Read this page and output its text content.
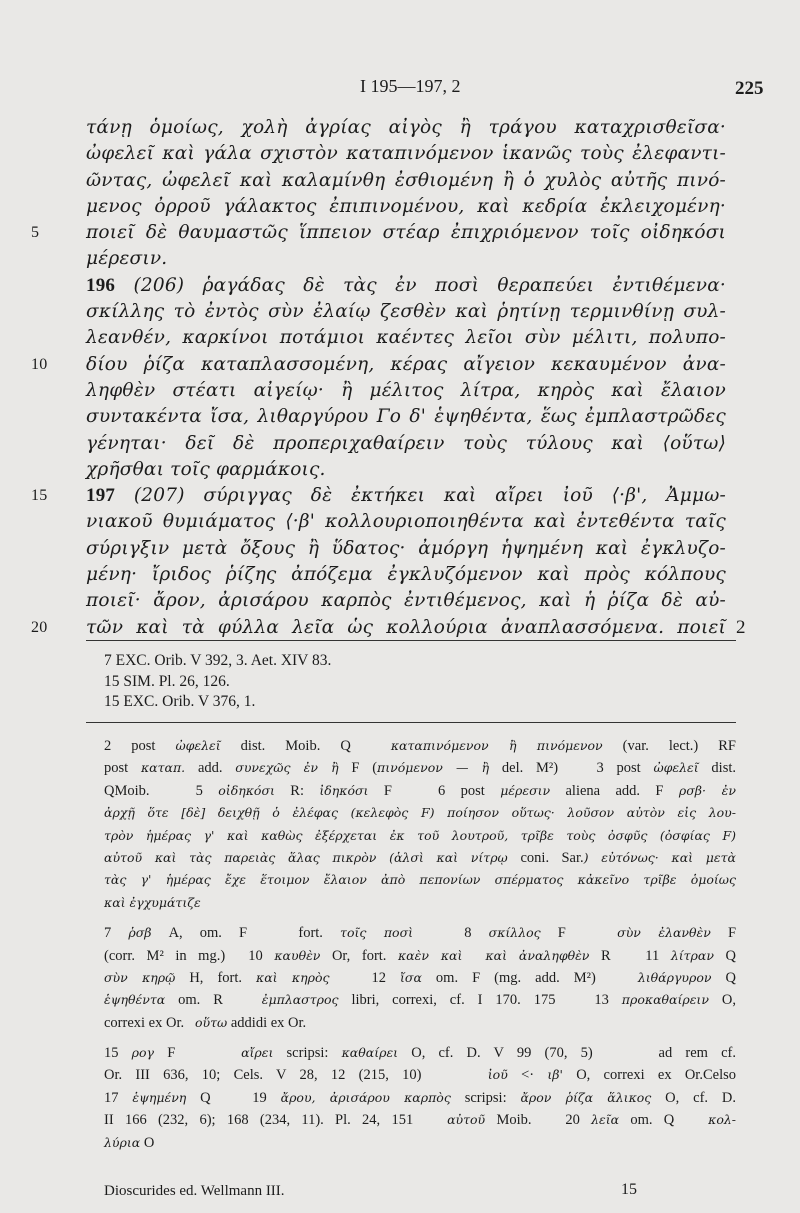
I 195—197, 2	225
τάνῃ ὁμοίως, χολὴ ἀγρίας αἰγὸς ἢ τράγου καταχρισθεῖσα·
ὠφελεῖ καὶ γάλα σχιστὸν καταπινόμενον ἱκανῶς τοὺς ἐλεφαντι-
ῶντας, ὠφελεῖ καὶ καλαμίνθη ἐσθιομένη ἢ ὁ χυλὸς αὐτῆς πινό-
μενος ὀρροῦ γάλακτος ἐπιπινομένου, καὶ κεδρία ἐκλειχομένη·
5	ποιεῖ δὲ θαυμαστῶς ἵππειον στέαρ ἐπιχριόμενον τοῖς οἰδηκόσι
μέρεσιν.
196 (206) ῥαγάδας δὲ τὰς ἐν ποσὶ θεραπεύει ἐντιθέμενα·
σκίλλης τὸ ἐντὸς σὺν ἐλαίῳ ζεσθὲν καὶ ῥητίνῃ τερμινθίνῃ συλ-
λεανθέν, καρκίνοι ποτάμιοι καέντες λεῖοι σὺν μέλιτι, πολυπο-
10 δίου ῥίζα καταπλασσομένη, κέρας αἴγειον κεκαυμένον ἀνα-
ληφθὲν στέατι αἰγείῳ· ἢ μέλιτος λίτρα, κηρὸς καὶ ἔλαιον
συντακέντα ἴσα, λιθαργύρου Γο δ' ἑψηθέντα, ἕως ἐμπλαστρῶδες
γένηται· δεῖ δὲ προπεριχαθαίρειν τοὺς τύλους καὶ ⟨οὕτω⟩
χρῆσθαι τοῖς φαρμάκοις.
15 197 (207) σύριγγας δὲ ἐκτήκει καὶ αἴρει ἰοῦ ⟨·β', Ἀμμω-
νιακοῦ θυμιάματος ⟨·β' κολλουριοποιηθέντα καὶ ἐντεθέντα ταῖς
σύριγξιν μετὰ ὄξους ἢ ὕδατος· ἀμόργη ἡψημένη καὶ ἐγκλυζο-
μένη· ἴριδος ῥίζης ἀπόζεμα ἐγκλυζόμενον καὶ πρὸς κόλπους
ποιεῖ· ἄρον, ἀρισάρου καρπὸς ἐντιθέμενος, καὶ ἡ ῥίζα δὲ αὐ-
20 τῶν καὶ τὰ φύλλα λεῖα ὡς κολλούρια ἀναπλασσόμενα. ποιεῖ 2
7 EXC. Orib. V 392, 3. Aet. XIV 83.
15 SIM. Pl. 26, 126.
15 EXC. Orib. V 376, 1.
2 post ὠφελεῖ dist. Moib. Q  καταπινόμενον ἢ πινόμενον (var. lect.) RF
post καταπ. add. συνεχῶς ἐν ἢ F (πινόμενον — ἢ del. M²)   3 post ὠφελεῖ dist.
QMoib.   5 οἰδηκόσι R: ἰδηκόσι F   6 post μέρεσιν aliena add. F ρσβ· ἐν
ἀρχῇ ὅτε [δὲ] δειχθῇ ὁ ἐλέφας (κελεφὸς F) ποίησον οὕτως· λοῦσον αὐτὸν εἰς λου-
τρὸν ἡμέρας γ' καὶ καθὼς ἐξέρχεται ἐκ τοῦ λουτροῦ, τρῖβε τοὺς ὀσφῦς (ὀσφίας F)
αὐτοῦ καὶ τὰς παρειὰς ἅλας πικρὸν (ἁλσὶ καὶ νίτρῳ coni. Sar.) εὐτόνως· καὶ μετὰ
τὰς γ' ἡμέρας ἔχε ἕτοιμον ἔλαιον ἀπὸ πεπονίων σπέρματος κἀκεῖνο τρῖβε ὁμοίως
καὶ ἐγχυμάτιζε
7 ῥσβ A, om. F   fort. τοῖς ποσὶ   8 σκίλλος F   σὺν ἐλανθὲν F
(corr. M² in mg.)  10 καυθὲν Or, fort. καὲν καὶ καὶ ἀναληφθὲν R   11 λίτραν Q
σὺν κηρῷ H, fort. καὶ κηρὸς   12 ἴσα om. F (mg. add. M²)   λιθάργυρον Q
ἑψηθέντα om. R   ἐμπλαστρος libri, correxi, cf. I 170. 175   13 προκαθαίρειν O,
correxi ex Or.   οὕτω addidi ex Or.
15 ρογ F     αἴρει scripsi: καθαίρει O, cf. D. V 99 (70, 5)     ad rem cf.
Or. III 636, 10; Cels. V 28, 12 (215, 10)     ἰοῦ <· ιβ' O, correxi ex Or.Celso
17 ἑψημένη Q   19 ἄρου, ἀρισάρου καρπὸς scripsi: ἄρον ῥίζα ἅλικος O, cf. D.
II 166 (232, 6); 168 (234, 11). Pl. 24, 151   αὐτοῦ Moib.   20 λεῖα om. Q   κολ-
λύρια O
Dioscurides ed. Wellmann III.	15
